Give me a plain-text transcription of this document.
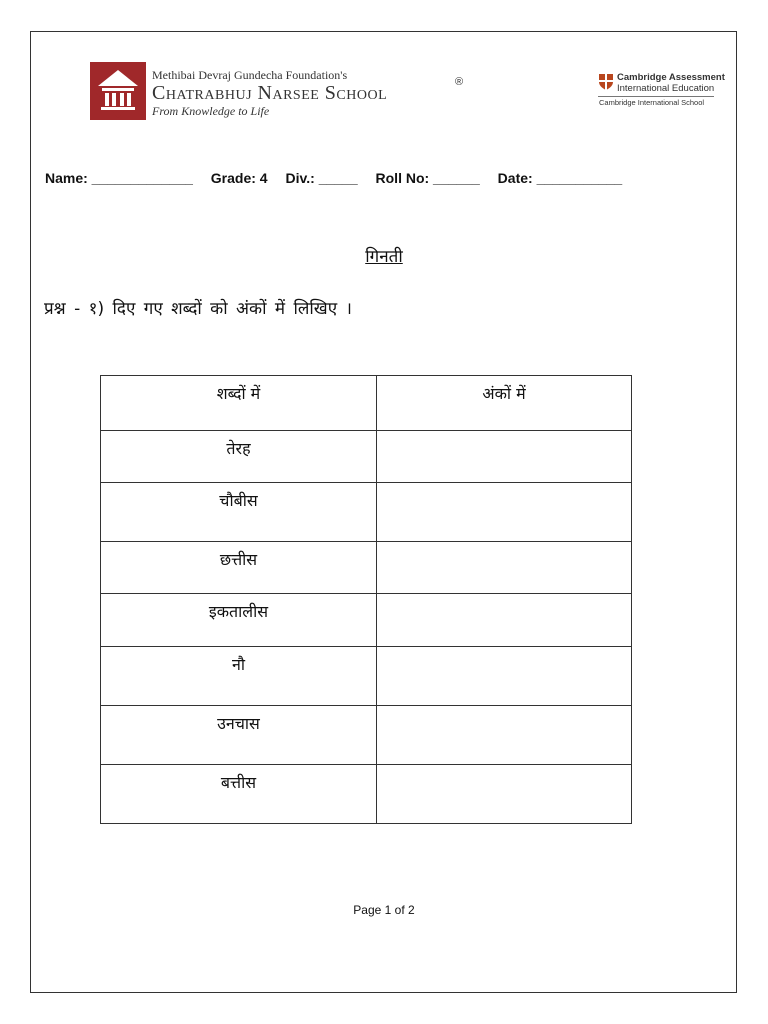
Methibai Devraj Gundecha Foundation's
Chatrabhuj Narsee School	®
From Knowledge to Life
Cambridge Assessment
International Education
Cambridge International School
Name: _____________ Grade: 4 Div.: _____ Roll No: ______ Date: ___________
गिनती
प्रश्न - १) दिए गए शब्दों को अंकों में लिखिए ।
शब्दों में	अंकों में
तेरह	
चौबीस	
छत्तीस	
इकतालीस	
नौ	
उनचास	
बत्तीस	
Page 1 of 2
